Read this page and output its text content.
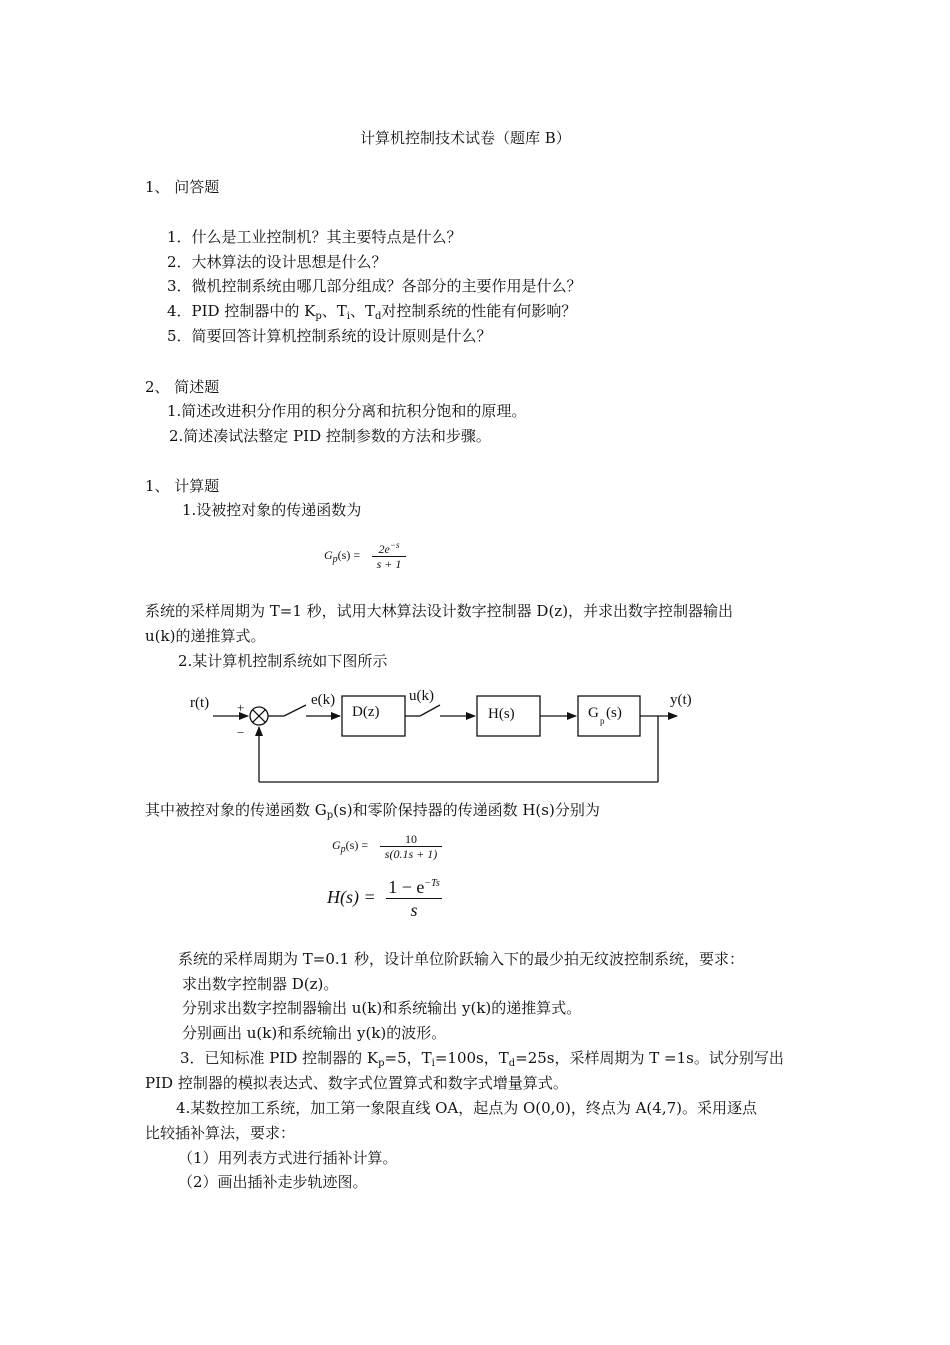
计算机控制技术试卷（题库 B）
1、 问答题
1．什么是工业控制机？其主要特点是什么？
2．大林算法的设计思想是什么？
3．微机控制系统由哪几部分组成？各部分的主要作用是什么？
4．PID 控制器中的 $K_p$、$T_i$、$T_d$对控制系统的性能有何影响？
5．简要回答计算机控制系统的设计原则是什么？
2、 简述题
1.简述改进积分作用的积分分离和抗积分饱和的原理。
2.简述凑试法整定 PID 控制参数的方法和步骤。
1、 计算题
1.设被控对象的传递函数为
$G_p(s)$ =	$2e^{-s}$
s + 1
系统的采样周期为 T=1 秒，试用大林算法设计数字控制器 D(z)，并求出数字控制器输出
u(k)的递推算式。
2.某计算机控制系统如下图所示
r(t) +
−
e(k)
D(z)
u(k)
H(s)	G p (s)
y(t)
其中被控对象的传递函数 $G_p(s)$和零阶保持器的传递函数 H(s)分别为
$G_p(s)$ =	10
s(0.1s + 1)
$H(s) = 1 - e^{-Ts}$
s
系统的采样周期为 T=0.1 秒，设计单位阶跃输入下的最少拍无纹波控制系统，要求：
求出数字控制器 D(z)。
分别求出数字控制器输出 u(k)和系统输出 y(k)的递推算式。
分别画出 u(k)和系统输出 y(k)的波形。
3．已知标准 PID 控制器的 $K_p=5$，$T_i=100s$，$T_d=25s$，采样周期为 T =1s。试分别写出
PID 控制器的模拟表达式、数字式位置算式和数字式增量算式。
4.某数控加工系统，加工第一象限直线 OA，起点为 O(0,0)，终点为 A(4,7)。采用逐点
比较插补算法，要求：
（1）用列表方式进行插补计算。
（2）画出插补走步轨迹图。
